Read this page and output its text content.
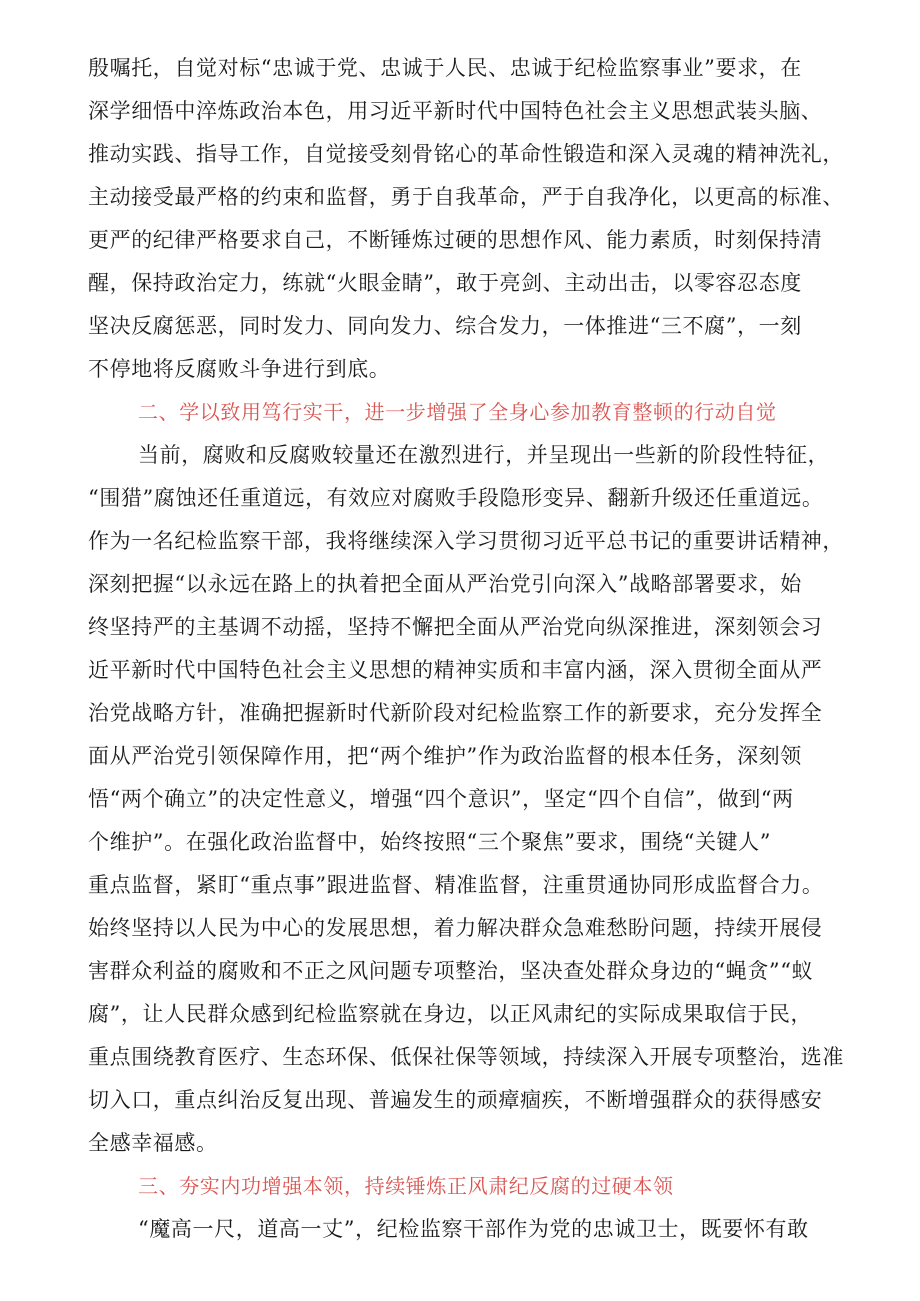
殷嘱托，自觉对标“忠诚于党、忠诚于人民、忠诚于纪检监察事业”要求，在
深学细悟中淬炼政治本色，用习近平新时代中国特色社会主义思想武装头脑、
推动实践、指导工作，自觉接受刻骨铭心的革命性锻造和深入灵魂的精神洗礼，
主动接受最严格的约束和监督，勇于自我革命，严于自我净化，以更高的标准、
更严的纪律严格要求自己，不断锤炼过硬的思想作风、能力素质，时刻保持清
醒，保持政治定力，练就“火眼金睛”，敢于亮剑、主动出击，以零容忍态度
坚决反腐惩恶，同时发力、同向发力、综合发力，一体推进“三不腐”，一刻
不停地将反腐败斗争进行到底。
二、学以致用笃行实干，进一步增强了全身心参加教育整顿的行动自觉
当前，腐败和反腐败较量还在激烈进行，并呈现出一些新的阶段性特征，
“围猎”腐蚀还任重道远，有效应对腐败手段隐形变异、翻新升级还任重道远。
作为一名纪检监察干部，我将继续深入学习贯彻习近平总书记的重要讲话精神，
深刻把握“以永远在路上的执着把全面从严治党引向深入”战略部署要求，始
终坚持严的主基调不动摇，坚持不懈把全面从严治党向纵深推进，深刻领会习
近平新时代中国特色社会主义思想的精神实质和丰富内涵，深入贯彻全面从严
治党战略方针，准确把握新时代新阶段对纪检监察工作的新要求，充分发挥全
面从严治党引领保障作用，把“两个维护”作为政治监督的根本任务，深刻领
悟“两个确立”的决定性意义，增强“四个意识”，坚定“四个自信”，做到“两
个维护”。在强化政治监督中，始终按照“三个聚焦”要求，围绕“关键人”
重点监督，紧盯“重点事”跟进监督、精准监督，注重贯通协同形成监督合力。
始终坚持以人民为中心的发展思想，着力解决群众急难愁盼问题，持续开展侵
害群众利益的腐败和不正之风问题专项整治，坚决查处群众身边的“蝇贪”“蚁
腐”，让人民群众感到纪检监察就在身边，以正风肃纪的实际成果取信于民，
重点围绕教育医疗、生态环保、低保社保等领域，持续深入开展专项整治，选准
切入口，重点纠治反复出现、普遍发生的顽瘴痼疾，不断增强群众的获得感安
全感幸福感。
三、夯实内功增强本领，持续锤炼正风肃纪反腐的过硬本领
“魔高一尺，道高一丈”，纪检监察干部作为党的忠诚卫士，既要怀有敢
